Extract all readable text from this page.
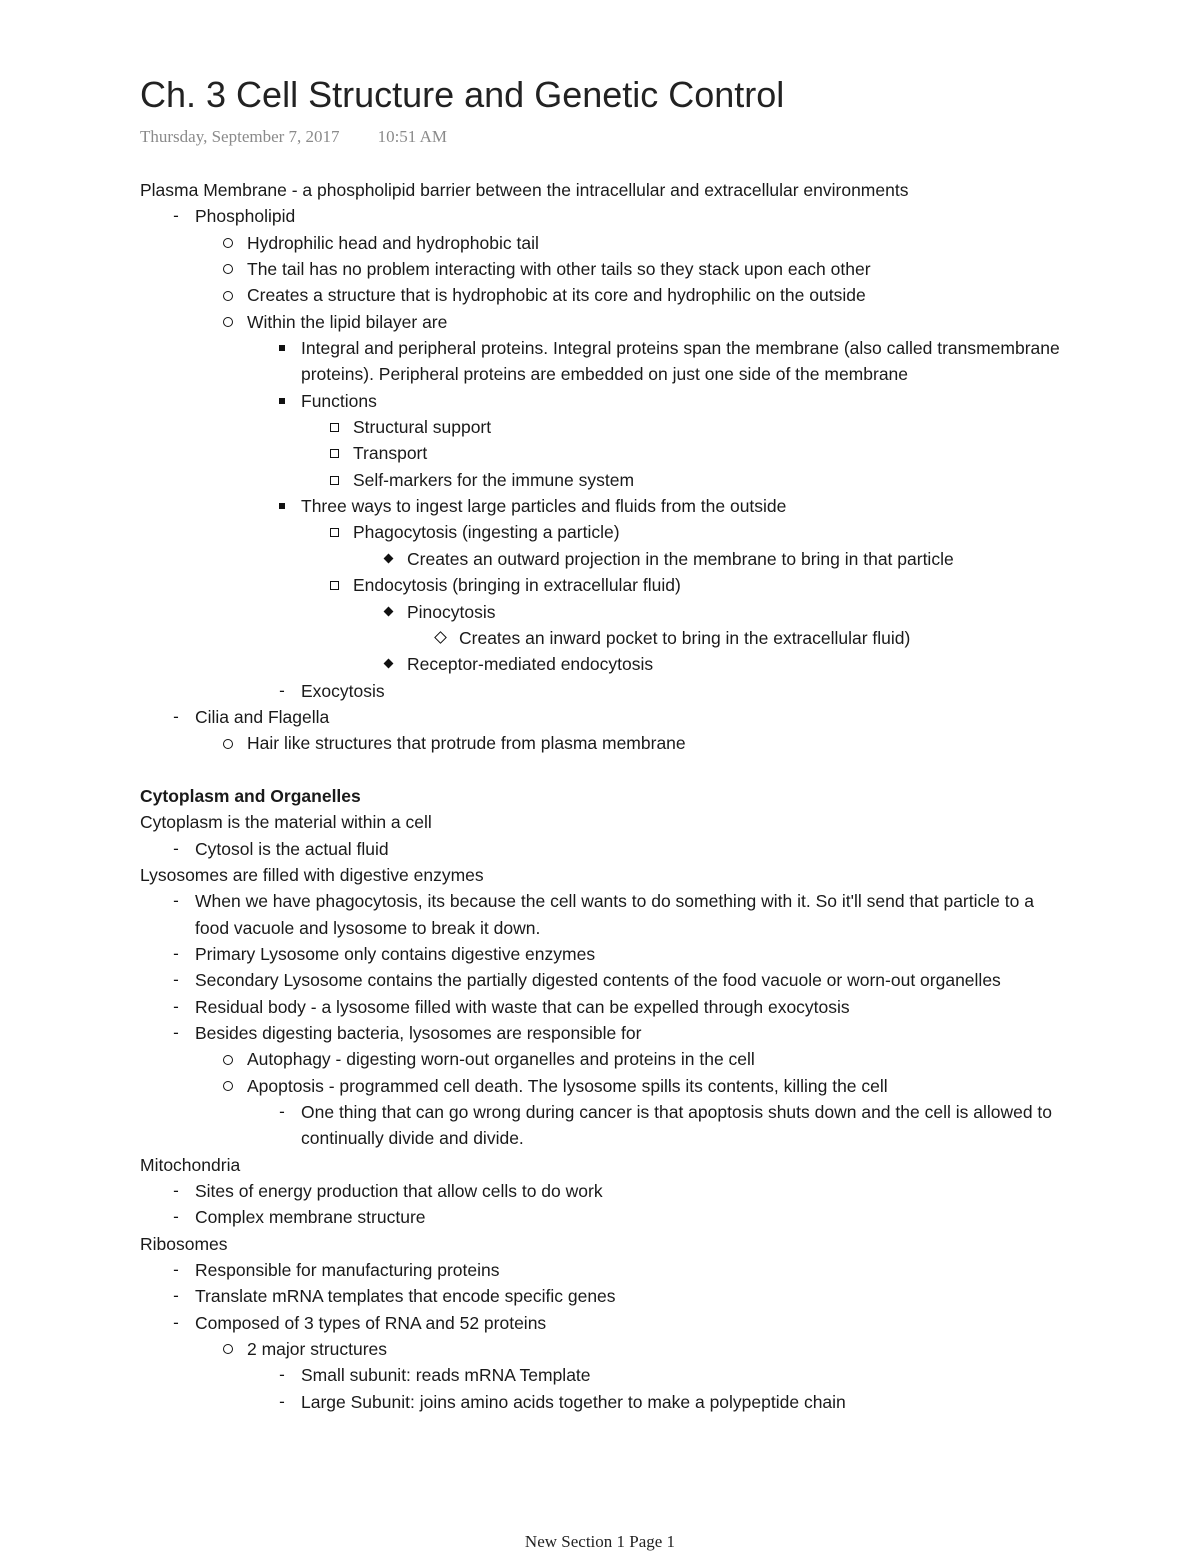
Ch. 3 Cell Structure and Genetic Control
Thursday, September 7, 2017 10:51 AM
Plasma Membrane - a phospholipid barrier between the intracellular and extracellular environments
- Phospholipid
Hydrophilic head and hydrophobic tail
The tail has no problem interacting with other tails so they stack upon each other
Creates a structure that is hydrophobic at its core and hydrophilic on the outside
Within the lipid bilayer are
Integral and peripheral proteins. Integral proteins span the membrane (also called transmembrane proteins). Peripheral proteins are embedded on just one side of the membrane
Functions
Structural support
Transport
Self-markers for the immune system
Three ways to ingest large particles and fluids from the outside
Phagocytosis (ingesting a particle)
Creates an outward projection in the membrane to bring in that particle
Endocytosis (bringing in extracellular fluid)
Pinocytosis
Creates an inward pocket to bring in the extracellular fluid)
Receptor-mediated endocytosis
- Exocytosis
- Cilia and Flagella
Hair like structures that protrude from plasma membrane
Cytoplasm and Organelles
Cytoplasm is the material within a cell
- Cytosol is the actual fluid
Lysosomes are filled with digestive enzymes
- When we have phagocytosis, its because the cell wants to do something with it. So it'll send that particle to a food vacuole and lysosome to break it down.
- Primary Lysosome only contains digestive enzymes
- Secondary Lysosome contains the partially digested contents of the food vacuole or worn-out organelles
- Residual body - a lysosome filled with waste that can be expelled through exocytosis
- Besides digesting bacteria, lysosomes are responsible for
Autophagy - digesting worn-out organelles and proteins in the cell
Apoptosis - programmed cell death. The lysosome spills its contents, killing the cell
- One thing that can go wrong during cancer is that apoptosis shuts down and the cell is allowed to continually divide and divide.
Mitochondria
- Sites of energy production that allow cells to do work
- Complex membrane structure
Ribosomes
- Responsible for manufacturing proteins
- Translate mRNA templates that encode specific genes
- Composed of 3 types of RNA and 52 proteins
2 major structures
- Small subunit: reads mRNA Template
- Large Subunit: joins amino acids together to make a polypeptide chain
New Section 1 Page 1
